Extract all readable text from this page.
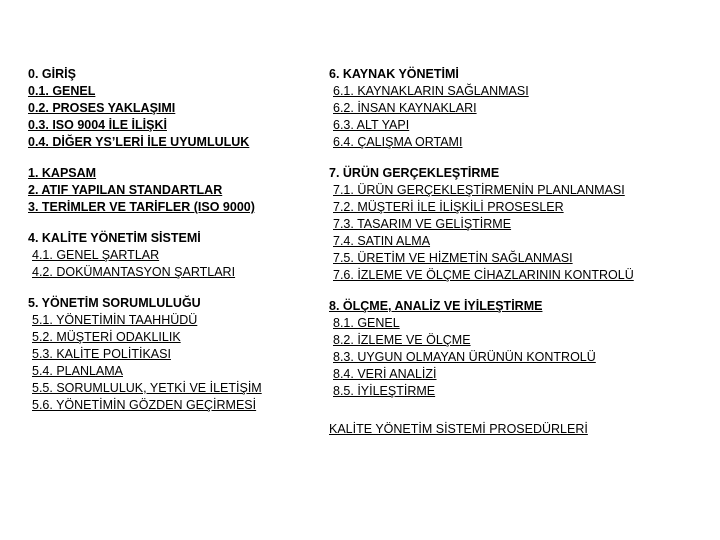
0. GİRİŞ
0.1. GENEL
0.2. PROSES YAKLAŞIMI
0.3. ISO 9004 İLE İLİŞKİ
0.4. DİĞER YS’LERİ İLE UYUMLULUK
1. KAPSAM
2. ATIF YAPILAN STANDARTLAR
3. TERİMLER VE TARİFLER (ISO 9000)
4. KALİTE YÖNETİM SİSTEMİ
4.1. GENEL ŞARTLAR
4.2. DOKÜMANTASYON ŞARTLARI
5. YÖNETİM SORUMLULUĞU
5.1. YÖNETİMİN TAAHHÜDÜ
5.2. MÜŞTERİ ODAKLILIK
5.3. KALİTE POLİTİKASI
5.4. PLANLAMA
5.5. SORUMLULUK, YETKİ VE İLETİŞİM
5.6. YÖNETİMİN GÖZDEN GEÇİRMESİ
6. KAYNAK YÖNETİMİ
6.1. KAYNAKLARIN SAĞLANMASI
6.2. İNSAN KAYNAKLARI
6.3. ALT YAPI
6.4. ÇALIŞMA ORTAMI
7. ÜRÜN GERÇEKLEŞTİRME
7.1. ÜRÜN GERÇEKLEŞTİRMENİN PLANLANMASI
7.2. MÜŞTERİ İLE İLİŞKİLİ PROSESLER
7.3. TASARIM VE GELİŞTİRME
7.4. SATIN ALMA
7.5. ÜRETİM VE HİZMETİN SAĞLANMASI
7.6. İZLEME VE ÖLÇME CİHAZLARININ KONTROLÜ
8. ÖLÇME, ANALİZ VE İYİLEŞTİRME
8.1. GENEL
8.2. İZLEME VE ÖLÇME
8.3. UYGUN OLMAYAN ÜRÜNÜN KONTROLÜ
8.4. VERİ ANALİZİ
8.5. İYİLEŞTİRME
KALİTE YÖNETİM SİSTEMİ PROSEDÜRLERİ
